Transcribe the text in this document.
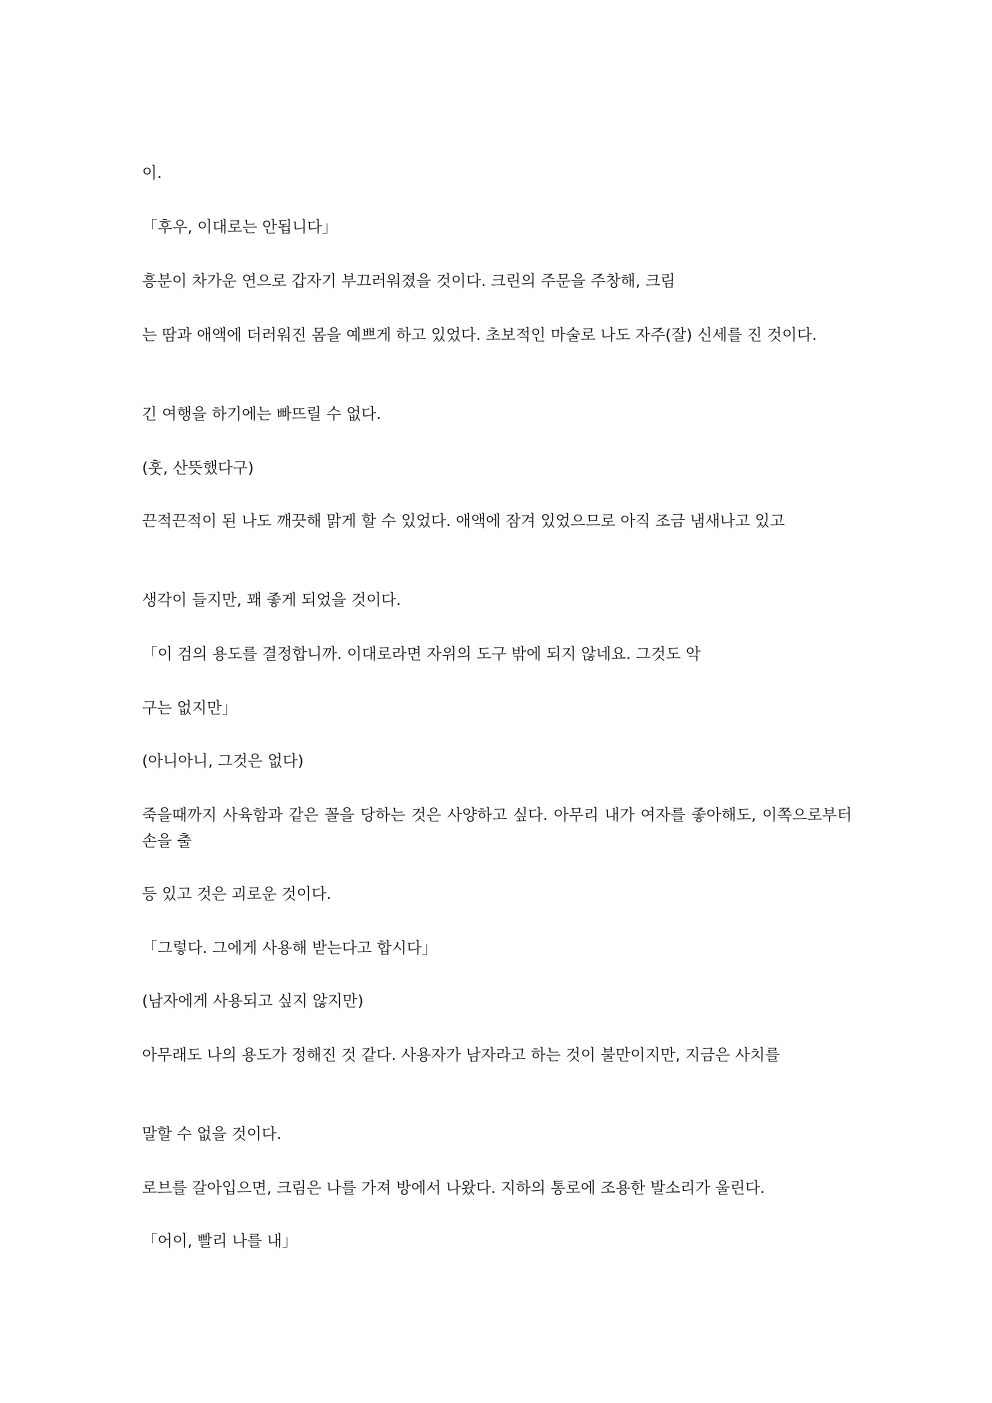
이.

「후우, 이대로는 안됩니다」

흥분이 차가운 연으로 갑자기 부끄러워졌을 것이다. 크린의 주문을 주창해, 크림

는 땀과 애액에 더러워진 몸을 예쁘게 하고 있었다. 초보적인 마술로 나도 자주(잘) 신세를 진 것이다.

긴 여행을 하기에는 빠뜨릴 수 없다.

(훗, 산뜻했다구)

끈적끈적이 된 나도 깨끗해 맑게 할 수 있었다. 애액에 잠겨 있었으므로 아직 조금 냄새나고 있고

생각이 들지만, 꽤 좋게 되었을 것이다.

「이 검의 용도를 결정합니까. 이대로라면 자위의 도구 밖에 되지 않네요. 그것도 악

구는 없지만」

(아니아니, 그것은 없다)

죽을때까지 사육함과 같은 꼴을 당하는 것은 사양하고 싶다. 아무리 내가 여자를 좋아해도, 이쪽으로부터 손을 출

등 있고 것은 괴로운 것이다.

「그렇다. 그에게 사용해 받는다고 합시다」

(남자에게 사용되고 싶지 않지만)

아무래도 나의 용도가 정해진 것 같다. 사용자가 남자라고 하는 것이 불만이지만, 지금은 사치를

말할 수 없을 것이다.

로브를 갈아입으면, 크림은 나를 가져 방에서 나왔다. 지하의 통로에 조용한 발소리가 울린다.

「어이, 빨리 나를 내」
